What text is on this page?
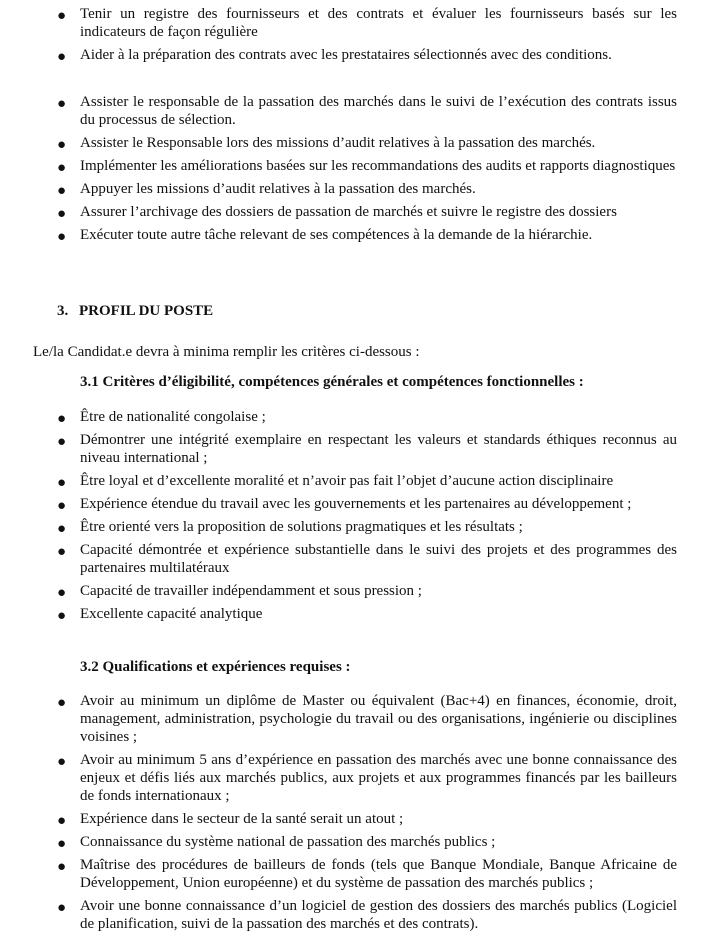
● Tenir un registre des fournisseurs et des contrats et évaluer les fournisseurs basés sur les indicateurs de façon régulière
● Aider à la préparation des contrats avec les prestataires sélectionnés avec des conditions.
● Assister le responsable de la passation des marchés dans le suivi de l’exécution des contrats issus du processus de sélection.
● Assister le Responsable lors des missions d’audit relatives à la passation des marchés.
● Implémenter les améliorations basées sur les recommandations des audits et rapports diagnostiques
● Appuyer les missions d’audit relatives à la passation des marchés.
● Assurer l’archivage des dossiers de passation de marchés et suivre le registre des dossiers
● Exécuter toute autre tâche relevant de ses compétences à la demande de la hiérarchie.
3. PROFIL DU POSTE
Le/la Candidat.e devra à minima remplir les critères ci-dessous :
3.1 Critères d’éligibilité, compétences générales et compétences fonctionnelles :
● Être de nationalité congolaise ;
● Démontrer une intégrité exemplaire en respectant les valeurs et standards éthiques reconnus au niveau international ;
● Être loyal et d’excellente moralité et n’avoir pas fait l’objet d’aucune action disciplinaire
● Expérience étendue du travail avec les gouvernements et les partenaires au développement ;
● Être orienté vers la proposition de solutions pragmatiques et les résultats ;
● Capacité démontrée et expérience substantielle dans le suivi des projets et des programmes des partenaires multilatéraux
● Capacité de travailler indépendamment et sous pression ;
● Excellente capacité analytique
3.2 Qualifications et expériences requises :
● Avoir au minimum un diplôme de Master ou équivalent (Bac+4) en finances, économie, droit, management, administration, psychologie du travail ou des organisations, ingénierie ou disciplines voisines ;
● Avoir au minimum 5 ans d’expérience en passation des marchés avec une bonne connaissance des enjeux et défis liés aux marchés publics, aux projets et aux programmes financés par les bailleurs de fonds internationaux ;
● Expérience dans le secteur de la santé serait un atout ;
● Connaissance du système national de passation des marchés publics ;
● Maîtrise des procédures de bailleurs de fonds (tels que Banque Mondiale, Banque Africaine de Développement, Union européenne) et du système de passation des marchés publics ;
● Avoir une bonne connaissance d’un logiciel de gestion des dossiers des marchés publics (Logiciel de planification, suivi de la passation des marchés et des contrats).
